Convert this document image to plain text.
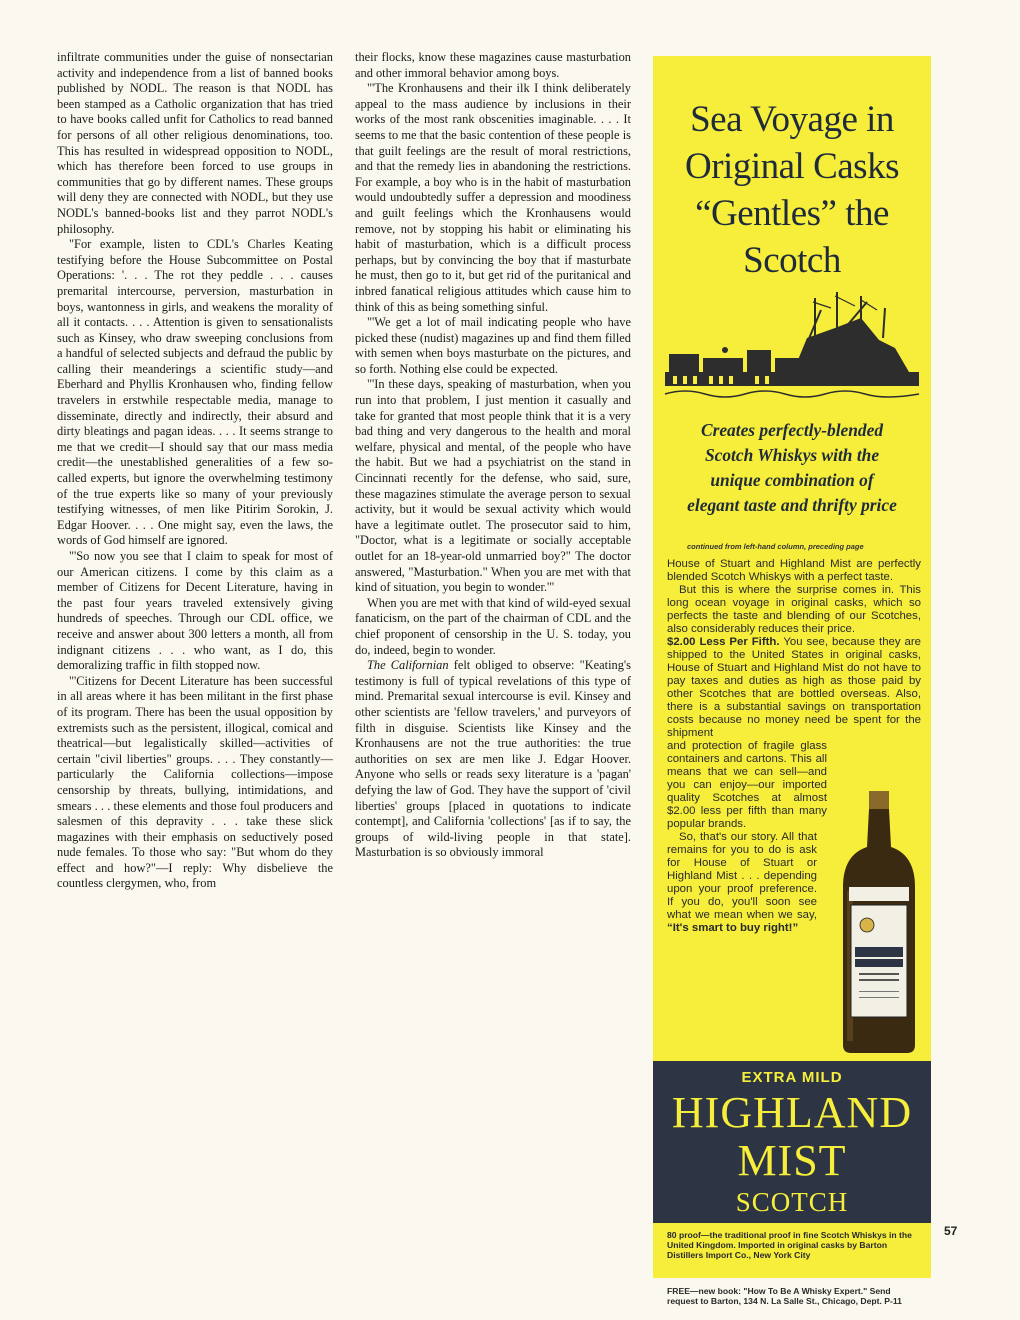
infiltrate communities under the guise of nonsectarian activity and independence from a list of banned books published by NODL. The reason is that NODL has been stamped as a Catholic organization that has tried to have books called unfit for Catholics to read banned for persons of all other religious denominations, too. This has resulted in widespread opposition to NODL, which has therefore been forced to use groups in communities that go by different names. These groups will deny they are connected with NODL, but they use NODL's banned-books list and they parrot NODL's philosophy.

"For example, listen to CDL's Charles Keating testifying before the House Subcommittee on Postal Operations: '. . . The rot they peddle . . . causes premarital intercourse, perversion, masturbation in boys, wantonness in girls, and weakens the morality of all it contacts. . . . Attention is given to sensationalists such as Kinsey, who draw sweeping conclusions from a handful of selected subjects and defraud the public by calling their meanderings a scientific study—and Eberhard and Phyllis Kronhausen who, finding fellow travelers in erstwhile respectable media, manage to disseminate, directly and indirectly, their absurd and dirty bleatings and pagan ideas. . . . It seems strange to me that we credit—I should say that our mass media credit—the unestablished generalities of a few so-called experts, but ignore the overwhelming testimony of the true experts like so many of your previously testifying witnesses, of men like Pitirim Sorokin, J. Edgar Hoover. . . . One might say, even the laws, the words of God himself are ignored.

"'So now you see that I claim to speak for most of our American citizens. I come by this claim as a member of Citizens for Decent Literature, having in the past four years traveled extensively giving hundreds of speeches. Through our CDL office, we receive and answer about 300 letters a month, all from indignant citizens . . . who want, as I do, this demoralizing traffic in filth stopped now.

"'Citizens for Decent Literature has been successful in all areas where it has been militant in the first phase of its program. There has been the usual opposition by extremists such as the persistent, illogical, comical and theatrical—but legalistically skilled—activities of certain "civil liberties" groups. . . . They constantly—particularly the California collections—impose censorship by threats, bullying, intimidations, and smears . . . these elements and those foul producers and salesmen of this depravity . . . take these slick magazines with their emphasis on seductively posed nude females. To those who say: "But whom do they effect and how?"—I reply: Why disbelieve the countless clergymen, who, from

their flocks, know these magazines cause masturbation and other immoral behavior among boys.

"'The Kronhausens and their ilk I think deliberately appeal to the mass audience by inclusions in their works of the most rank obscenities imaginable. . . . It seems to me that the basic contention of these people is that guilt feelings are the result of moral restrictions, and that the remedy lies in abandoning the restrictions. For example, a boy who is in the habit of masturbation would undoubtedly suffer a depression and moodiness and guilt feelings which the Kronhausens would remove, not by stopping his habit or eliminating his habit of masturbation, which is a difficult process perhaps, but by convincing the boy that if masturbate he must, then go to it, but get rid of the puritanical and inbred fanatical religious attitudes which cause him to think of this as being something sinful.

"'We get a lot of mail indicating people who have picked these (nudist) magazines up and find them filled with semen when boys masturbate on the pictures, and so forth. Nothing else could be expected.

"'In these days, speaking of masturbation, when you run into that problem, I just mention it casually and take for granted that most people think that it is a very bad thing and very dangerous to the health and moral welfare, physical and mental, of the people who have the habit. But we had a psychiatrist on the stand in Cincinnati recently for the defense, who said, sure, these magazines stimulate the average person to sexual activity, but it would be sexual activity which would have a legitimate outlet. The prosecutor said to him, "Doctor, what is a legitimate or socially acceptable outlet for an 18-year-old unmarried boy?" The doctor answered, "Masturbation." When you are met with that kind of situation, you begin to wonder.'"

When you are met with that kind of wild-eyed sexual fanaticism, on the part of the chairman of CDL and the chief proponent of censorship in the U. S. today, you do, indeed, begin to wonder.

The Californian felt obliged to observe: "Keating's testimony is full of typical revelations of this type of mind. Premarital sexual intercourse is evil. Kinsey and other scientists are 'fellow travelers,' and purveyors of filth in disguise. Scientists like Kinsey and the Kronhausens are not the true authorities: the true authorities on sex are men like J. Edgar Hoover. Anyone who sells or reads sexy literature is a 'pagan' defying the law of God. They have the support of 'civil liberties' groups [placed in quotations to indicate contempt], and California 'collections' [as if to say, the groups of wild-living people in that state]. Masturbation is so obviously immoral

Sea Voyage in
Original Casks
“Gentles” the
Scotch
Creates perfectly-blended
Scotch Whiskys with the
unique combination of
elegant taste and thrifty price
continued from left-hand column, preceding page

House of Stuart and Highland Mist are perfectly blended Scotch Whiskys with a perfect taste.

But this is where the surprise comes in. This long ocean voyage in original casks, which so perfects the taste and blending of our Scotches, also considerably reduces their price.

$2.00 Less Per Fifth. You see, because they are shipped to the United States in original casks, House of Stuart and Highland Mist do not have to pay taxes and duties as high as those paid by other Scotches that are bottled overseas. Also, there is a substantial savings on transportation costs because no money need be spent for the shipment

and protection of fragile glass containers and cartons. This all means that we can sell—and you can enjoy—our imported quality Scotches at almost $2.00 less per fifth than many popular brands.

So, that's our story. All that remains for you to do is ask for House of Stuart or Highland Mist . . . depending upon your proof preference. If you do, you'll soon see what we mean when we say, “It's smart to buy right!”

EXTRA MILD
HIGHLAND
MIST
SCOTCH
80 proof—the traditional proof in fine Scotch Whiskys in the United Kingdom. Imported in original casks by Barton Distillers Import Co., New York City
FREE—new book: "How To Be A Whisky Expert." Send request to Barton, 134 N. La Salle St., Chicago, Dept. P-11
57
